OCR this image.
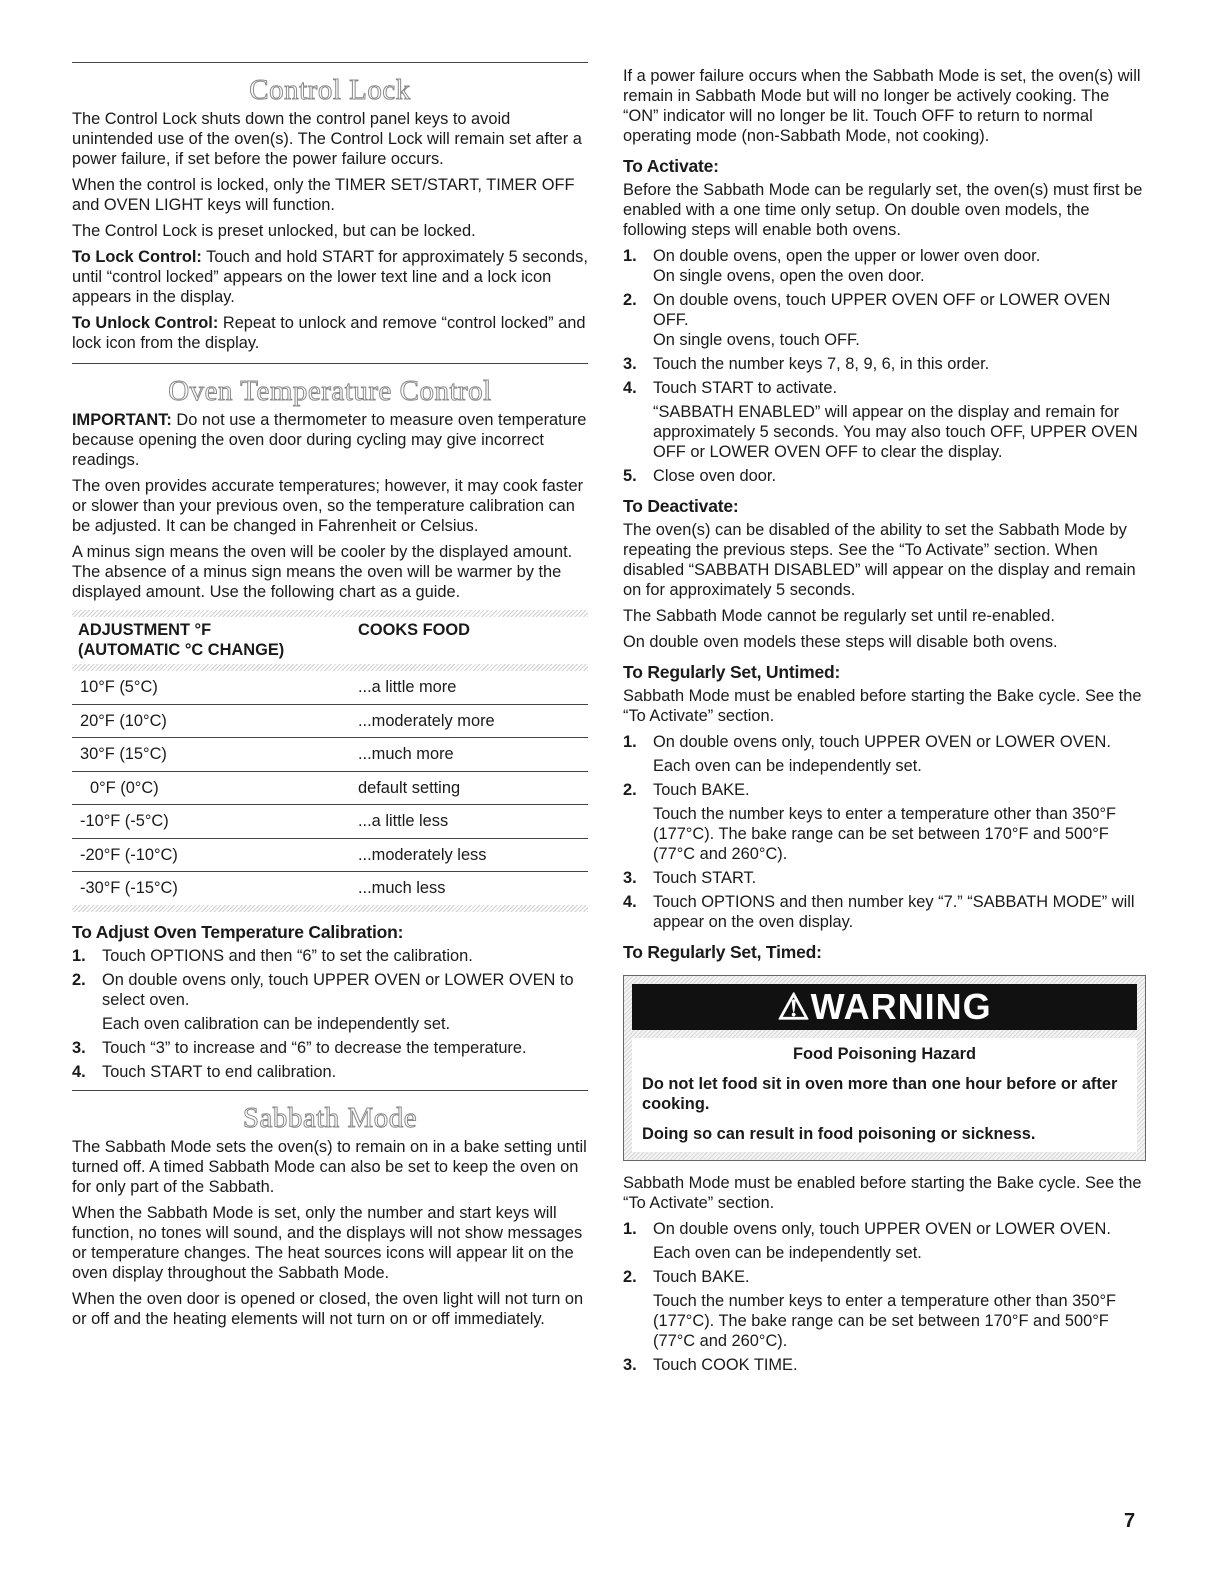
Control Lock

The Control Lock shuts down the control panel keys to avoid unintended use of the oven(s). The Control Lock will remain set after a power failure, if set before the power failure occurs.

When the control is locked, only the TIMER SET/START, TIMER OFF and OVEN LIGHT keys will function.

The Control Lock is preset unlocked, but can be locked.

To Lock Control: Touch and hold START for approximately 5 seconds, until “control locked” appears on the lower text line and a lock icon appears in the display.

To Unlock Control: Repeat to unlock and remove “control locked” and lock icon from the display.

Oven Temperature Control

IMPORTANT: Do not use a thermometer to measure oven temperature because opening the oven door during cycling may give incorrect readings.

The oven provides accurate temperatures; however, it may cook faster or slower than your previous oven, so the temperature calibration can be adjusted. It can be changed in Fahrenheit or Celsius.

A minus sign means the oven will be cooler by the displayed amount. The absence of a minus sign means the oven will be warmer by the displayed amount. Use the following chart as a guide.

ADJUSTMENT °F
(AUTOMATIC °C CHANGE)
COOKS FOOD
10°F (5°C)	...a little more
20°F (10°C)	...moderately more
30°F (15°C)	...much more
0°F (0°C)	default setting
-10°F (-5°C)	...a little less
-20°F (-10°C)	...moderately less
-30°F (-15°C)	...much less
To Adjust Oven Temperature Calibration:
1. Touch OPTIONS and then “6” to set the calibration.
2. On double ovens only, touch UPPER OVEN or LOWER OVEN to select oven.
Each oven calibration can be independently set.
3. Touch “3” to increase and “6” to decrease the temperature.
4. Touch START to end calibration.
Sabbath Mode

The Sabbath Mode sets the oven(s) to remain on in a bake setting until turned off. A timed Sabbath Mode can also be set to keep the oven on for only part of the Sabbath.

When the Sabbath Mode is set, only the number and start keys will function, no tones will sound, and the displays will not show messages or temperature changes. The heat sources icons will appear lit on the oven display throughout the Sabbath Mode.

When the oven door is opened or closed, the oven light will not turn on or off and the heating elements will not turn on or off immediately.

If a power failure occurs when the Sabbath Mode is set, the oven(s) will remain in Sabbath Mode but will no longer be actively cooking. The “ON” indicator will no longer be lit. Touch OFF to return to normal operating mode (non-Sabbath Mode, not cooking).

To Activate:

Before the Sabbath Mode can be regularly set, the oven(s) must first be enabled with a one time only setup. On double oven models, the following steps will enable both ovens.

1. On double ovens, open the upper or lower oven door.
On single ovens, open the oven door.
2. On double ovens, touch UPPER OVEN OFF or LOWER OVEN OFF.
On single ovens, touch OFF.
3. Touch the number keys 7, 8, 9, 6, in this order.
4. Touch START to activate.
“SABBATH ENABLED” will appear on the display and remain for approximately 5 seconds. You may also touch OFF, UPPER OVEN OFF or LOWER OVEN OFF to clear the display.
5. Close oven door.
To Deactivate:

The oven(s) can be disabled of the ability to set the Sabbath Mode by repeating the previous steps. See the “To Activate” section. When disabled “SABBATH DISABLED” will appear on the display and remain on for approximately 5 seconds.

The Sabbath Mode cannot be regularly set until re-enabled.

On double oven models these steps will disable both ovens.

To Regularly Set, Untimed:

Sabbath Mode must be enabled before starting the Bake cycle. See the “To Activate” section.

1. On double ovens only, touch UPPER OVEN or LOWER OVEN.
Each oven can be independently set.
2. Touch BAKE.
Touch the number keys to enter a temperature other than 350°F (177°C). The bake range can be set between 170°F and 500°F (77°C and 260°C).
3. Touch START.
4. Touch OPTIONS and then number key “7.” “SABBATH MODE” will appear on the oven display.
To Regularly Set, Timed:
⚠WARNING
Food Poisoning Hazard

Do not let food sit in oven more than one hour before or after cooking.

Doing so can result in food poisoning or sickness.

Sabbath Mode must be enabled before starting the Bake cycle. See the “To Activate” section.

1. On double ovens only, touch UPPER OVEN or LOWER OVEN.
Each oven can be independently set.
2. Touch BAKE.
Touch the number keys to enter a temperature other than 350°F (177°C). The bake range can be set between 170°F and 500°F (77°C and 260°C).
3. Touch COOK TIME.
7
